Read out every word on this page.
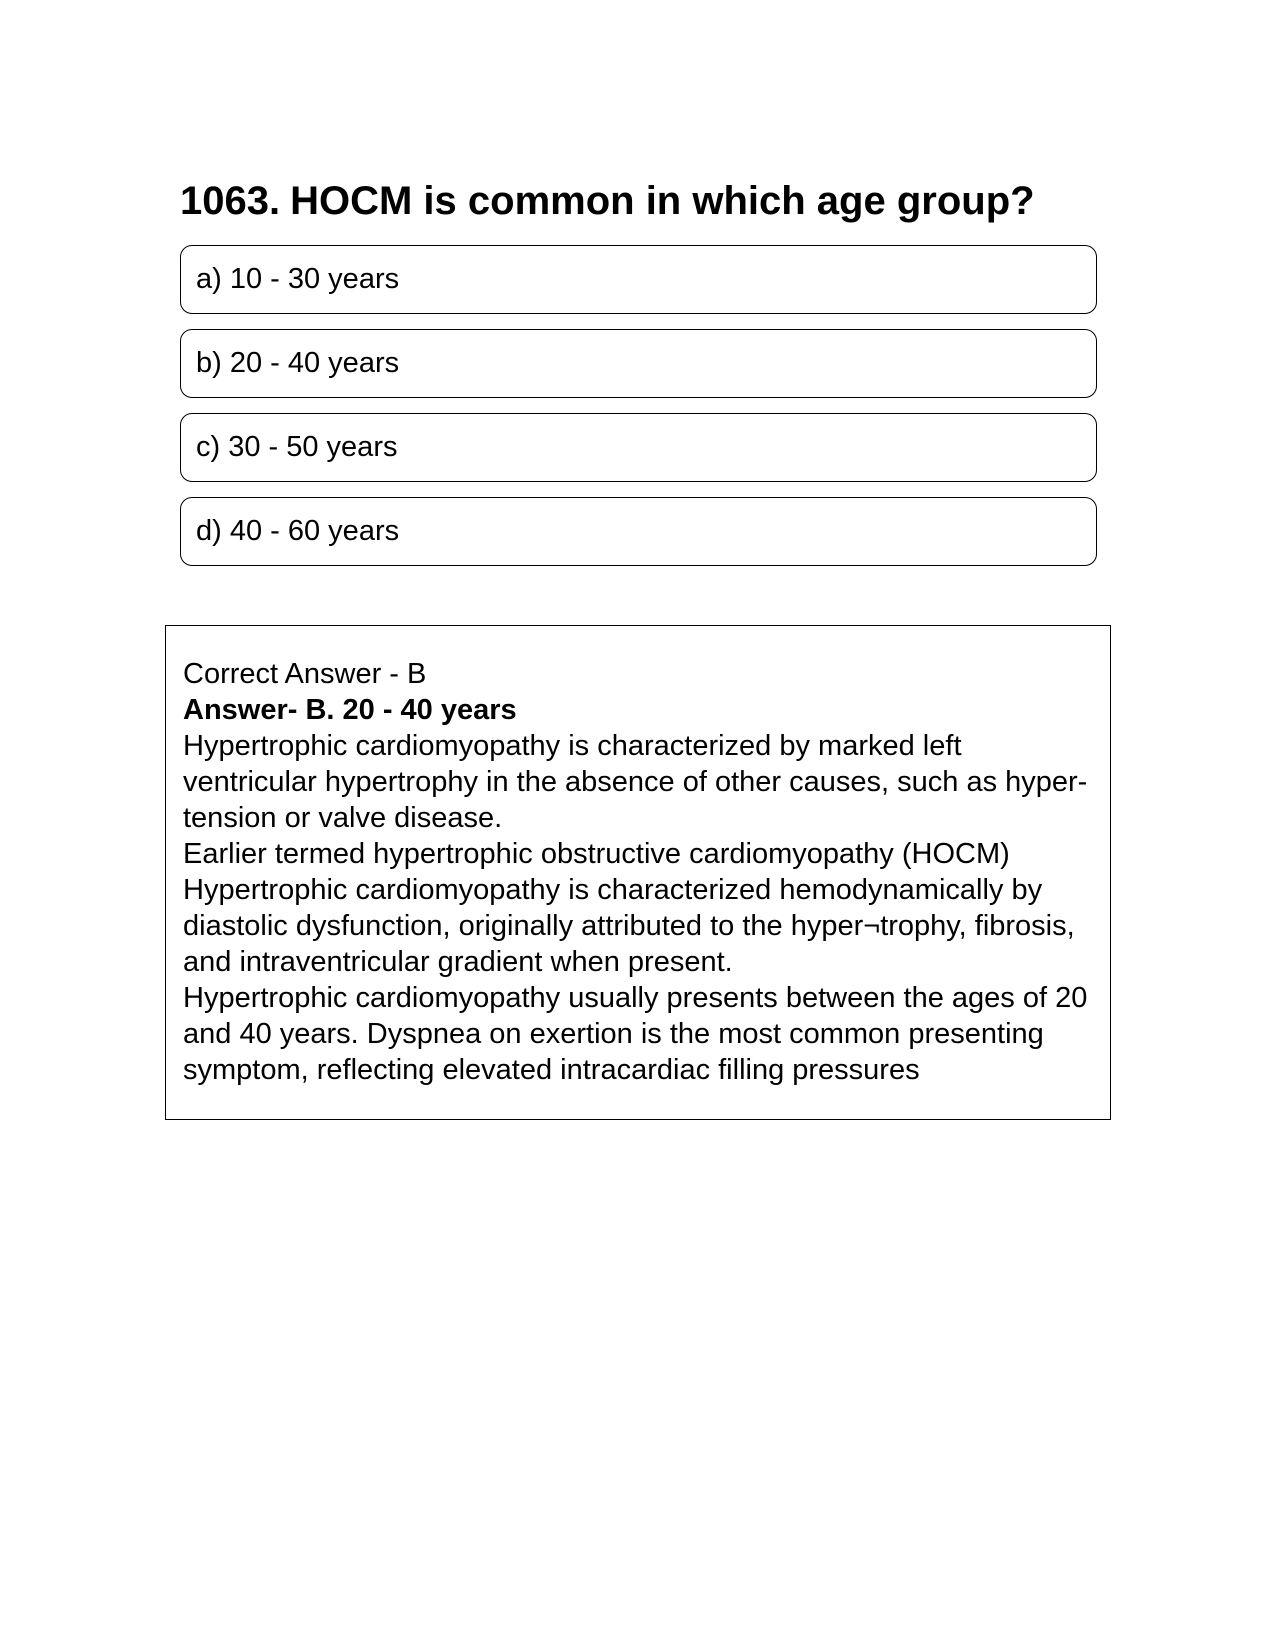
1063. HOCM is common in which age group?
a) 10 - 30 years
b) 20 - 40 years
c) 30 - 50 years
d) 40 - 60 years

Correct Answer - B

Answer- B. 20 - 40 years

Hypertrophic cardiomyopathy is characterized by marked left ventricular hypertrophy in the absence of other causes, such as hyper- tension or valve disease.

Earlier termed hypertrophic obstructive cardiomyopathy (HOCM)

Hypertrophic cardiomyopathy is characterized hemodynamically by diastolic dysfunction, originally attributed to the hyper¬trophy, fibrosis, and intraventricular gradient when present.

Hypertrophic cardiomyopathy usually presents between the ages of 20 and 40 years. Dyspnea on exertion is the most common presenting symptom, reflecting elevated intracardiac filling pressures
